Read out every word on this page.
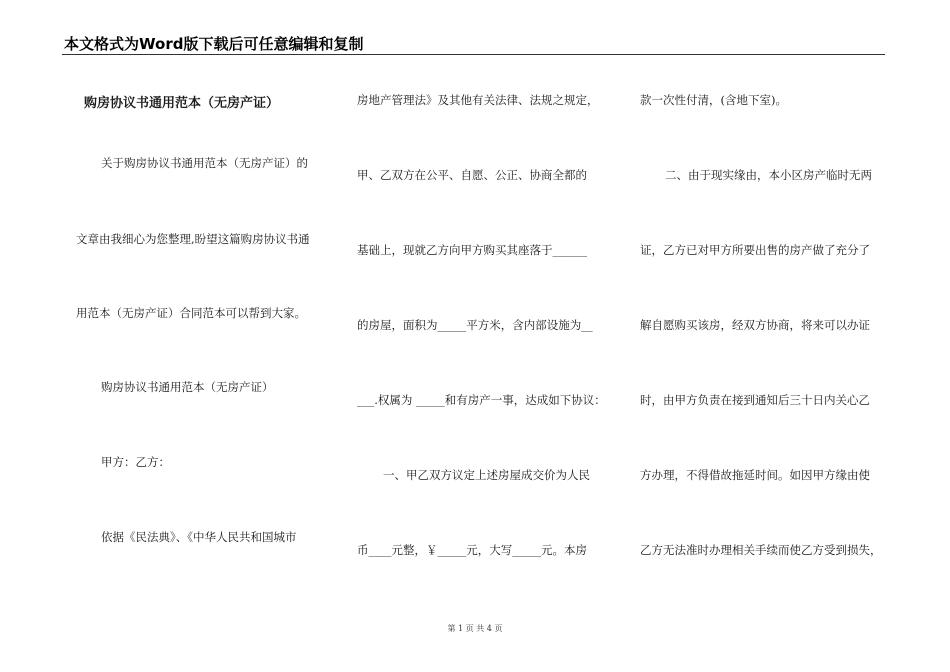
本文格式为Word版下载后可任意编辑和复制
购房协议书通用范本（无房产证）
关于购房协议书通用范本（无房产证）的
文章由我细心为您整理,盼望这篇购房协议书通
用范本（无房产证）合同范本可以帮到大家。
购房协议书通用范本（无房产证）
甲方：乙方：
依据《民法典》、《中华人民共和国城市
房地产管理法》及其他有关法律、法规之规定，
甲、乙双方在公平、自愿、公正、协商全都的
基础上，现就乙方向甲方购买其座落于______
的房屋，面积为_____平方米，含内部设施为__
___.权属为 _____和有房产一事，达成如下协议：
一、甲乙双方议定上述房屋成交价为人民
币____元整，￥_____元，大写_____元。本房
款一次性付清，(含地下室)。
二、由于现实缘由，本小区房产临时无两
证，乙方已对甲方所要出售的房产做了充分了
解自愿购买该房，经双方协商，将来可以办证
时，由甲方负责在接到通知后三十日内关心乙
方办理，不得借故拖延时间。如因甲方缘由使
乙方无法准时办理相关手续而使乙方受到损失，
第 1 页 共 4 页
